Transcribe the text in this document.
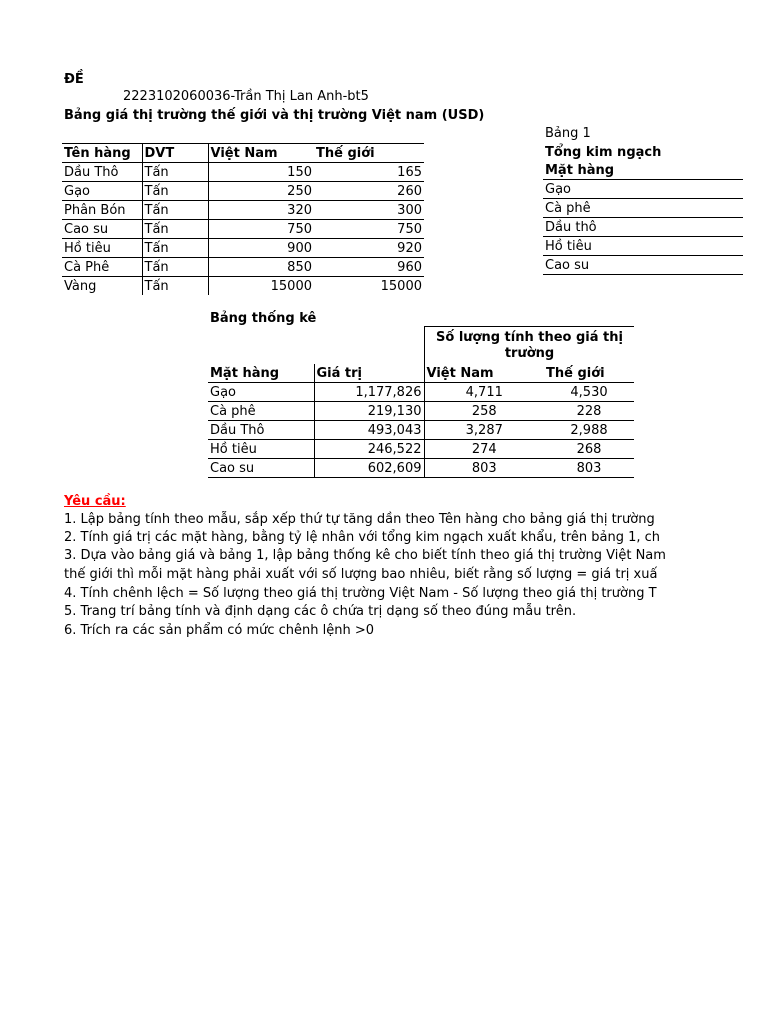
ĐỀ
2223102060036-Trần Thị Lan Anh-bt5
Bảng giá thị trường thế giới và thị trường Việt nam (USD)
Tên hàng	DVT	Việt Nam	Thế giới
Dầu Thô	Tấn	150	165
Gạo	Tấn	250	260
Phân Bón	Tấn	320	300
Cao su	Tấn	750	750
Hồ tiêu	Tấn	900	920
Cà Phê	Tấn	850	960
Vàng	Tấn	15000	15000
Bảng 1
Tổng kim ngạch
Mặt hàng
Gạo
Cà phê
Dầu thô
Hồ tiêu
Cao su
Bảng thống kê
Số lượng tính theo giá thị trường
Mặt hàng	Giá trị	Việt Nam	Thế giới
Gạo	1,177,826	4,711	4,530
Cà phê	219,130	258	228
Dầu Thô	493,043	3,287	2,988
Hồ tiêu	246,522	274	268
Cao su	602,609	803	803
Yêu cầu:
1. Lập bảng tính theo mẫu, sắp xếp thứ tự tăng dần theo Tên hàng cho bảng giá thị trường
2. Tính giá trị các mặt hàng, bằng tỷ lệ nhân với tổng kim ngạch xuất khẩu, trên bảng 1, ch
3. Dựa vào bảng giá và bảng 1, lập bảng thống kê cho biết tính theo giá thị trường Việt Nam
thế giới thì mỗi mặt hàng phải xuất với số lượng bao nhiêu, biết rằng số lượng = giá trị xuấ
4. Tính chênh lệch = Số lượng theo giá thị trường Việt Nam - Số lượng theo giá thị trường T
5. Trang trí bảng tính và định dạng các ô chứa trị dạng số theo đúng mẫu trên.
6. Trích ra các sản phẩm có mức chênh lệnh >0
